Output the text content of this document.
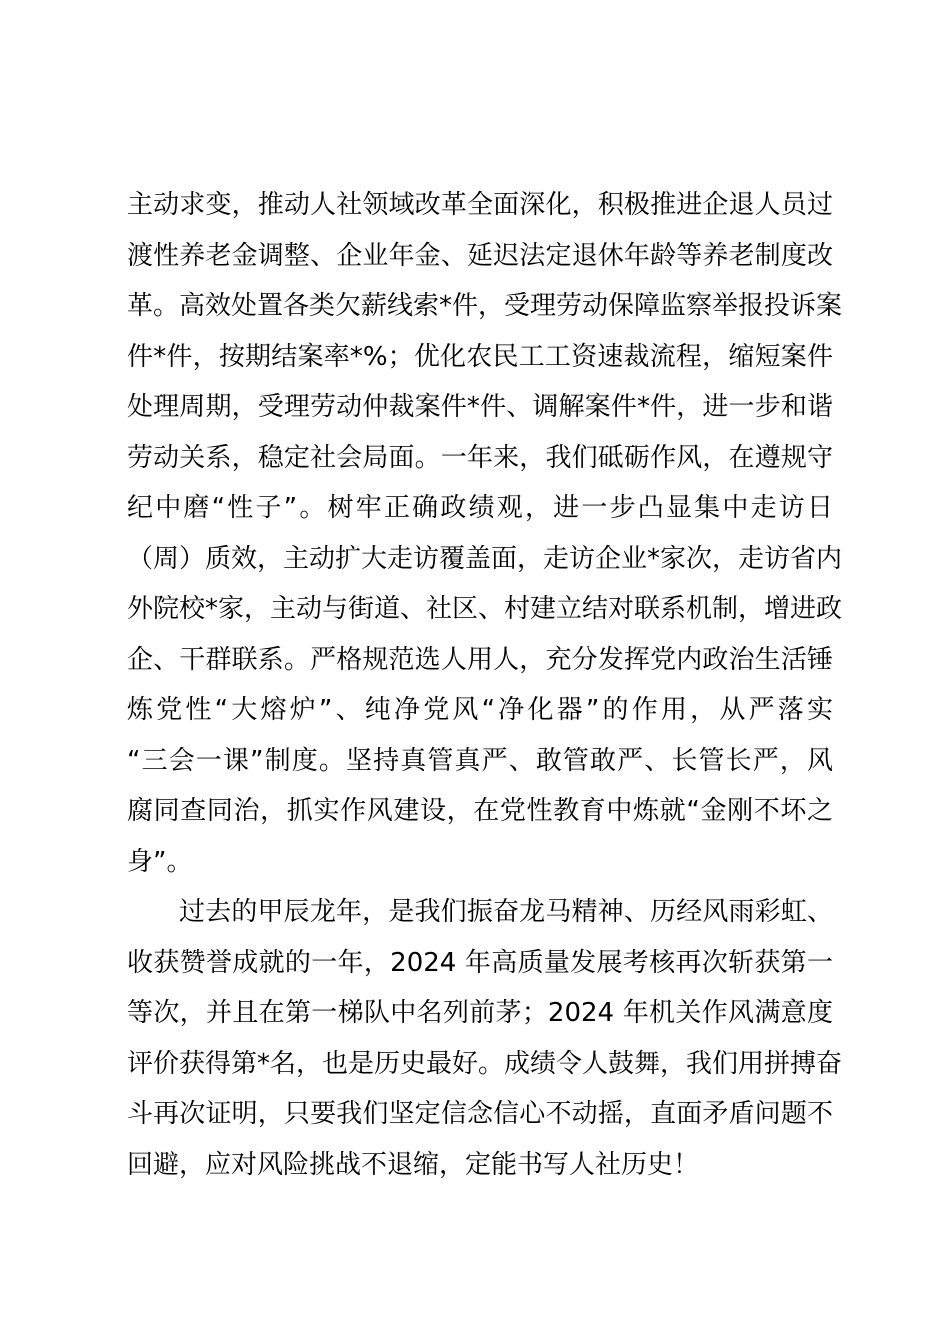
主动求变，推动人社领域改革全面深化，积极推进企退人员过
渡性养老金调整、企业年金、延迟法定退休年龄等养老制度改
革。高效处置各类欠薪线索*件，受理劳动保障监察举报投诉案
件*件，按期结案率*%；优化农民工工资速裁流程，缩短案件
处理周期，受理劳动仲裁案件*件、调解案件*件，进一步和谐
劳动关系，稳定社会局面。一年来，我们砥砺作风，在遵规守
纪中磨“性子”。树牢正确政绩观，进一步凸显集中走访日
（周）质效，主动扩大走访覆盖面，走访企业*家次，走访省内
外院校*家，主动与街道、社区、村建立结对联系机制，增进政
企、干群联系。严格规范选人用人，充分发挥党内政治生活锤
炼党性“大熔炉”、纯净党风“净化器”的作用，从严落实
“三会一课”制度。坚持真管真严、敢管敢严、长管长严，风
腐同查同治，抓实作风建设，在党性教育中炼就“金刚不坏之
身”。
过去的甲辰龙年，是我们振奋龙马精神、历经风雨彩虹、
收获赞誉成就的一年，2024 年高质量发展考核再次斩获第一
等次，并且在第一梯队中名列前茅；2024 年机关作风满意度
评价获得第*名，也是历史最好。成绩令人鼓舞，我们用拼搏奋
斗再次证明，只要我们坚定信念信心不动摇，直面矛盾问题不
回避，应对风险挑战不退缩，定能书写人社历史！
